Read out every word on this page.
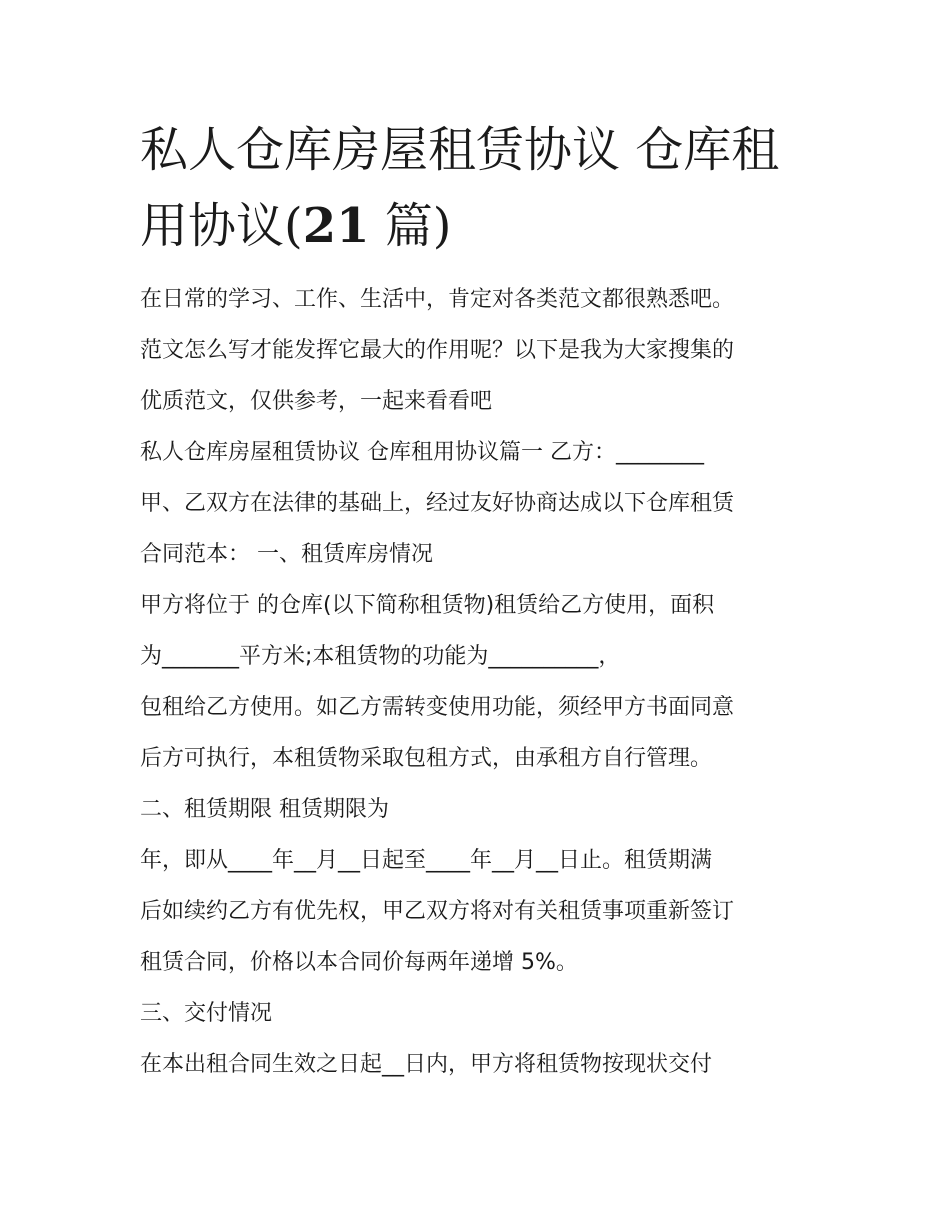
私人仓库房屋租赁协议 仓库租
用协议(21 篇)
在日常的学习、工作、生活中，肯定对各类范文都很熟悉吧。
范文怎么写才能发挥它最大的作用呢？以下是我为大家搜集的
优质范文，仅供参考，一起来看看吧
私人仓库房屋租赁协议 仓库租用协议篇一 乙方：________
甲、乙双方在法律的基础上，经过友好协商达成以下仓库租赁
合同范本： 一、租赁库房情况
甲方将位于 的仓库(以下简称租赁物)租赁给乙方使用，面积
为_______平方米;本租赁物的功能为__________，
包租给乙方使用。如乙方需转变使用功能，须经甲方书面同意
后方可执行，本租赁物采取包租方式，由承租方自行管理。
二、租赁期限 租赁期限为
年，即从____年__月__日起至____年__月__日止。租赁期满
后如续约乙方有优先权，甲乙双方将对有关租赁事项重新签订
租赁合同，价格以本合同价每两年递增 5%。
三、交付情况
在本出租合同生效之日起__日内，甲方将租赁物按现状交付
